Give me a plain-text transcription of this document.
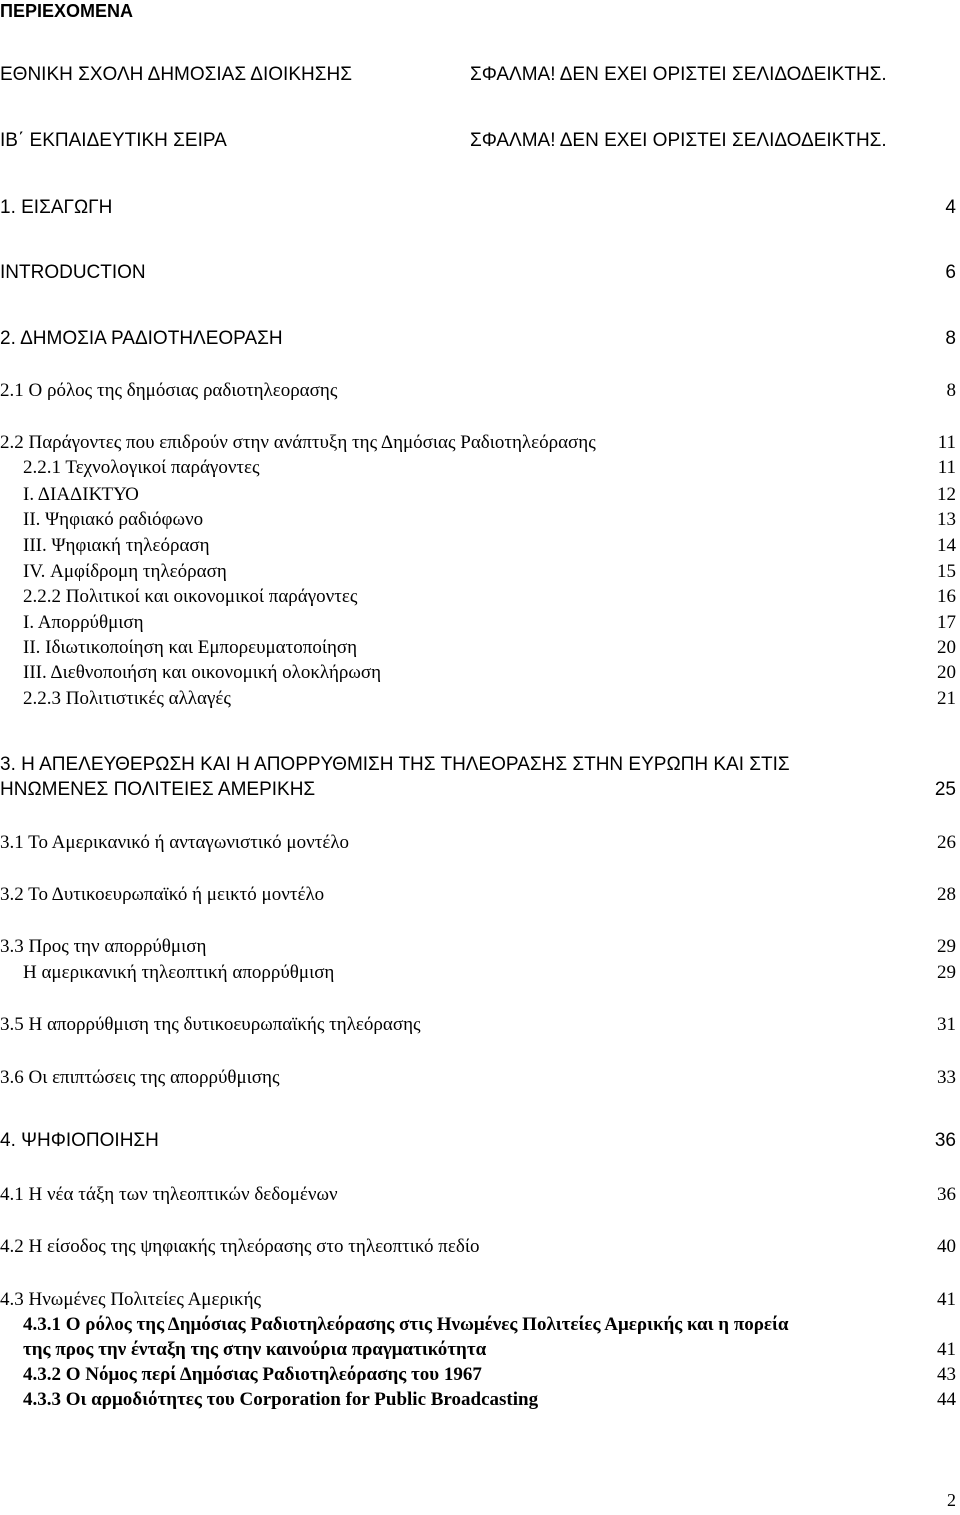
ΠΕΡΙΕΧΟΜΕΝΑ
ΕΘΝΙΚΗ ΣΧΟΛΗ ΔΗΜΟΣΙΑΣ ΔΙΟΙΚΗΣΗΣ	ΣΦΑΛΜΑ! ΔΕΝ ΕΧΕΙ ΟΡΙΣΤΕΙ ΣΕΛΙΔΟΔΕΙΚΤΗΣ.
ΙΒ΄ ΕΚΠΑΙΔΕΥΤΙΚΗ ΣΕΙΡΑ	ΣΦΑΛΜΑ! ΔΕΝ ΕΧΕΙ ΟΡΙΣΤΕΙ ΣΕΛΙΔΟΔΕΙΚΤΗΣ.
1. ΕΙΣΑΓΩΓΗ	4
INTRODUCTION	6
2. ΔΗΜΟΣΙΑ ΡΑΔΙΟΤΗΛΕΟΡΑΣΗ	8
2.1 Ο ρόλος της δημόσιας ραδιοτηλεορασης	8
2.2 Παράγοντες που επιδρούν στην ανάπτυξη της Δημόσιας Ραδιοτηλεόρασης	11
2.2.1 Τεχνολογικοί παράγοντες	11
Ι. ΔΙΑΔΙΚΤΥΟ	12
ΙΙ. Ψηφιακό ραδιόφωνο	13
ΙΙΙ. Ψηφιακή τηλεόραση	14
IV. Αμφίδρομη τηλεόραση	15
2.2.2 Πολιτικοί και οικονομικοί παράγοντες	16
Ι. Απορρύθμιση	17
ΙΙ. Ιδιωτικοποίηση και Εμπορευματοποίηση	20
ΙΙΙ. Διεθνοποιήση και οικονομική ολοκλήρωση	20
2.2.3 Πολιτιστικές αλλαγές	21
3. Η ΑΠΕΛΕΥΘΕΡΩΣΗ ΚΑΙ Η ΑΠΟΡΡΥΘΜΙΣΗ ΤΗΣ ΤΗΛΕΟΡΑΣΗΣ ΣΤΗΝ ΕΥΡΩΠΗ ΚΑΙ ΣΤΙΣ
ΗΝΩΜΕΝΕΣ ΠΟΛΙΤΕΙΕΣ ΑΜΕΡΙΚΗΣ	25
3.1 Το Αμερικανικό ή ανταγωνιστικό μοντέλο	26
3.2 Το Δυτικοευρωπαϊκό ή μεικτό μοντέλο	28
3.3 Προς την απορρύθμιση	29
Η αμερικανική τηλεοπτική απορρύθμιση	29
3.5 Η απορρύθμιση της δυτικοευρωπαϊκής τηλεόρασης	31
3.6 Οι επιπτώσεις της απορρύθμισης	33
4. ΨΗΦΙΟΠΟΙΗΣΗ	36
4.1 Η νέα τάξη των τηλεοπτικών δεδομένων	36
4.2 Η είσοδος της ψηφιακής τηλεόρασης στο τηλεοπτικό πεδίο	40
4.3 Ηνωμένες Πολιτείες Αμερικής	41
4.3.1 Ο ρόλος της Δημόσιας Ραδιοτηλεόρασης στις Ηνωμένες Πολιτείες Αμερικής και η πορεία
της προς την ένταξη της στην καινούρια πραγματικότητα	41
4.3.2 Ο Νόμος περί Δημόσιας Ραδιοτηλεόρασης του 1967	43
4.3.3 Οι αρμοδιότητες του Corporation for Public Broadcasting	44
2
